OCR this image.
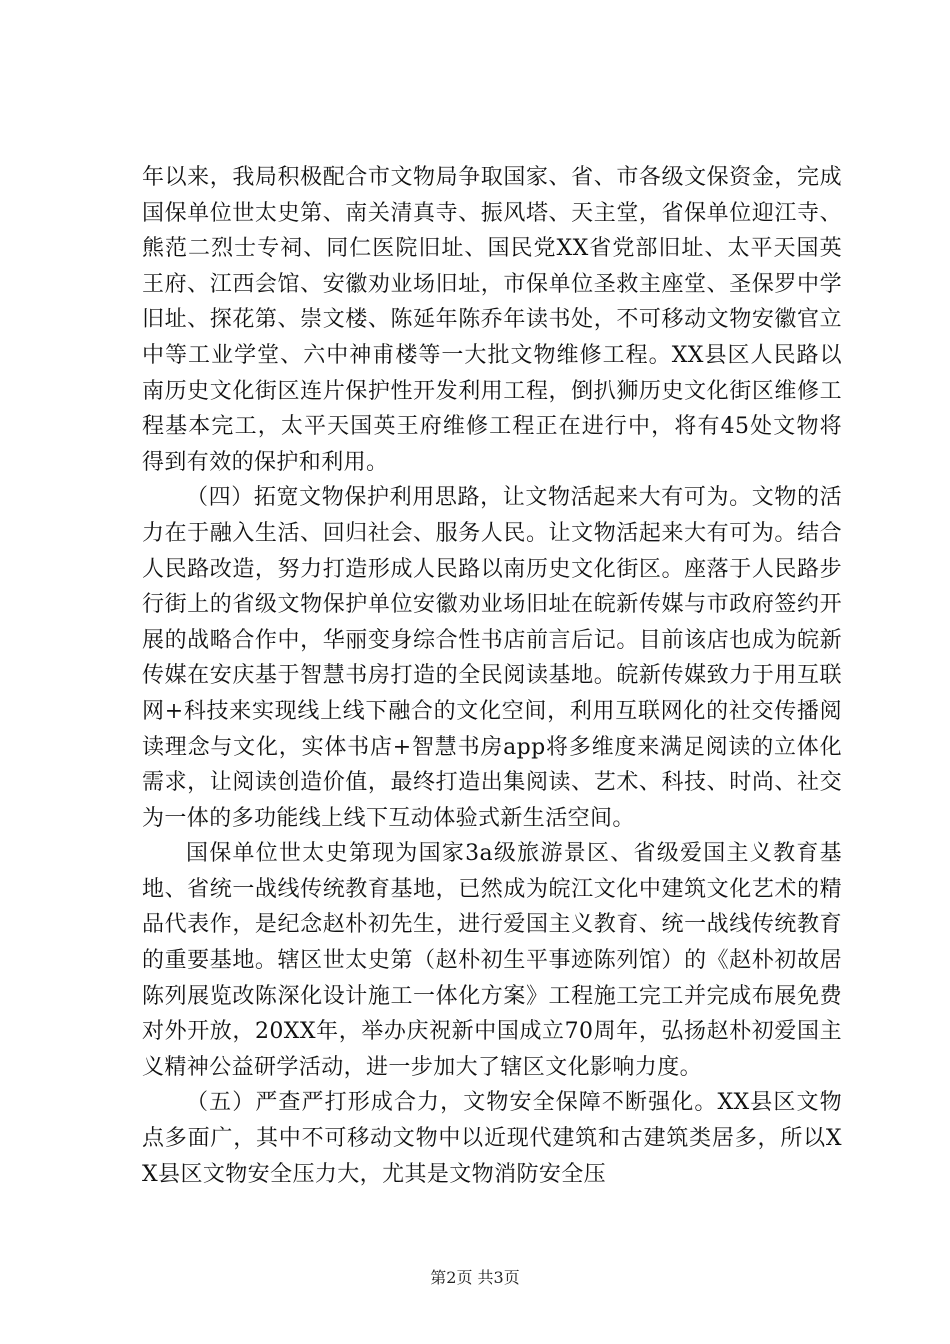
年以来，我局积极配合市文物局争取国家、省、市各级文保资金，完成国保单位世太史第、南关清真寺、振风塔、天主堂，省保单位迎江寺、熊范二烈士专祠、同仁医院旧址、国民党XX省党部旧址、太平天国英王府、江西会馆、安徽劝业场旧址，市保单位圣救主座堂、圣保罗中学旧址、探花第、崇文楼、陈延年陈乔年读书处，不可移动文物安徽官立中等工业学堂、六中神甫楼等一大批文物维修工程。XX县区人民路以南历史文化街区连片保护性开发利用工程，倒扒狮历史文化街区维修工程基本完工，太平天国英王府维修工程正在进行中，将有45处文物将得到有效的保护和利用。

（四）拓宽文物保护利用思路，让文物活起来大有可为。文物的活力在于融入生活、回归社会、服务人民。让文物活起来大有可为。结合人民路改造，努力打造形成人民路以南历史文化街区。座落于人民路步行街上的省级文物保护单位安徽劝业场旧址在皖新传媒与市政府签约开展的战略合作中，华丽变身综合性书店前言后记。目前该店也成为皖新传媒在安庆基于智慧书房打造的全民阅读基地。皖新传媒致力于用互联网+科技来实现线上线下融合的文化空间，利用互联网化的社交传播阅读理念与文化，实体书店+智慧书房app将多维度来满足阅读的立体化需求，让阅读创造价值，最终打造出集阅读、艺术、科技、时尚、社交为一体的多功能线上线下互动体验式新生活空间。

国保单位世太史第现为国家3a级旅游景区、省级爱国主义教育基地、省统一战线传统教育基地，已然成为皖江文化中建筑文化艺术的精品代表作，是纪念赵朴初先生，进行爱国主义教育、统一战线传统教育的重要基地。辖区世太史第（赵朴初生平事迹陈列馆）的《赵朴初故居陈列展览改陈深化设计施工一体化方案》工程施工完工并完成布展免费对外开放，20XX年，举办庆祝新中国成立70周年，弘扬赵朴初爱国主义精神公益研学活动，进一步加大了辖区文化影响力度。

（五）严查严打形成合力，文物安全保障不断强化。XX县区文物点多面广，其中不可移动文物中以近现代建筑和古建筑类居多，所以XX县区文物安全压力大，尤其是文物消防安全压

第2页 共3页
